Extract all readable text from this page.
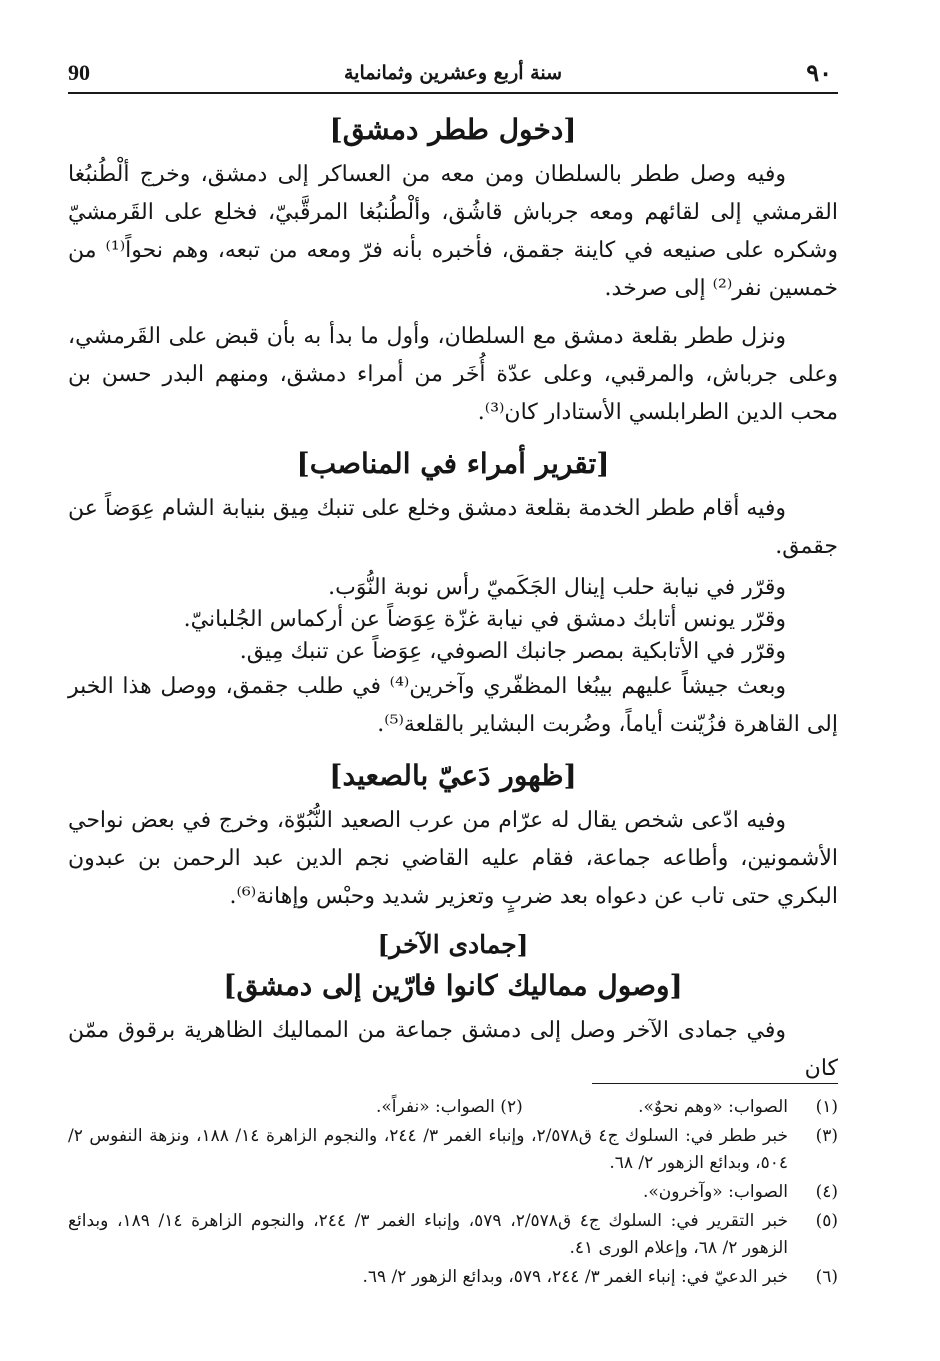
٩٠
سنة أربع وعشرين وثمانماية
90
[دخول ططر دمشق]

وفيه وصل ططر بالسلطان ومن معه من العساكر إلى دمشق، وخرج ألْطُنبُغا القرمشي إلى لقائهم ومعه جرباش قاشُق، وألْطُنبُغا المرقَّبيّ، فخلع على القَرمشيّ وشكره على صنيعه في كاينة جقمق، فأخبره بأنه فرّ ومعه من تبعه، وهم نحواً⁽¹⁾ من خمسين نفر⁽²⁾ إلى صرخد.

ونزل ططر بقلعة دمشق مع السلطان، وأول ما بدأ به بأن قبض على القَرمشي، وعلى جرباش، والمرقبي، وعلى عدّة أُخَر من أمراء دمشق، ومنهم البدر حسن بن محب الدين الطرابلسي الأستادار كان⁽³⁾.

[تقرير أمراء في المناصب]

وفيه أقام ططر الخدمة بقلعة دمشق وخلع على تنبك مِيق بنيابة الشام عِوَضاً عن جقمق.

وقرّر في نيابة حلب إينال الجَكَميّ رأس نوبة النُّوَب.

وقرّر يونس أتابك دمشق في نيابة غزّة عِوَضاً عن أركماس الجُلبانيّ.

وقرّر في الأتابكية بمصر جانبك الصوفي، عِوَضاً عن تنبك مِيق.

وبعث جيشاً عليهم بيبُغا المظفّري وآخرين⁽⁴⁾ في طلب جقمق، ووصل هذا الخبر إلى القاهرة فزُيّنت أياماً، وضُربت البشاير بالقلعة⁽⁵⁾.

[ظهور دَعيّ بالصعيد]

وفيه ادّعى شخص يقال له عرّام من عرب الصعيد النُّبُوّة، وخرج في بعض نواحي الأشمونين، وأطاعه جماعة، فقام عليه القاضي نجم الدين عبد الرحمن بن عبدون البكري حتى تاب عن دعواه بعد ضربٍ وتعزير شديد وحبْس وإهانة⁽⁶⁾.

[جمادى الآخر]
[وصول مماليك كانوا فارّين إلى دمشق]

وفي جمادى الآخر وصل إلى دمشق جماعة من المماليك الظاهرية برقوق ممّن كان

(١)
الصواب: «وهم نحوٌ». (٢) الصواب: «نفراً».
(٣)
خبر ططر في: السلوك ج٤ ق٢/٥٧٨، وإنباء الغمر ٣/ ٢٤٤، والنجوم الزاهرة ١٤/ ١٨٨، ونزهة النفوس ٢/ ٥٠٤، وبدائع الزهور ٢/ ٦٨.
(٤)
الصواب: «وآخرون».
(٥)
خبر التقرير في: السلوك ج٤ ق٢/٥٧٨، ٥٧٩، وإنباء الغمر ٣/ ٢٤٤، والنجوم الزاهرة ١٤/ ١٨٩، وبدائع الزهور ٢/ ٦٨، وإعلام الورى ٤١.
(٦)
خبر الدعيّ في: إنباء الغمر ٣/ ٢٤٤، ٥٧٩، وبدائع الزهور ٢/ ٦٩.
